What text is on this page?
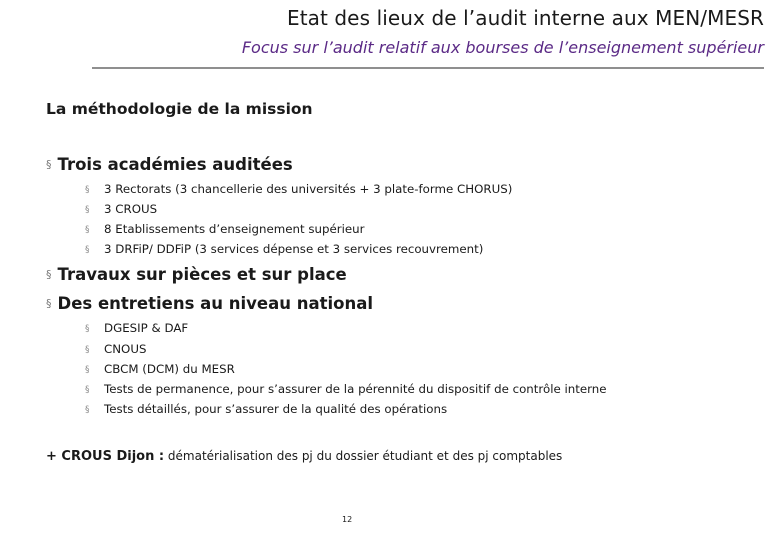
Etat des lieux de l’audit interne aux MEN/MESR
Focus sur l’audit relatif aux bourses de l’enseignement supérieur
La méthodologie de la mission
§ Trois académies auditées
§ 3 Rectorats (3 chancellerie des universités + 3 plate-forme CHORUS)
§ 3 CROUS
§ 8 Etablissements d’enseignement supérieur
§ 3 DRFiP/ DDFiP (3 services dépense et 3 services recouvrement)
§ Travaux sur pièces et sur place
§ Des entretiens au niveau national
§ DGESIP & DAF
§ CNOUS
§ CBCM (DCM) du MESR
§ Tests de permanence, pour s’assurer de la pérennité du dispositif de contrôle interne
§ Tests détaillés, pour s’assurer de la qualité des opérations
+ CROUS Dijon : dématérialisation des pj du dossier étudiant et des pj comptables
12
